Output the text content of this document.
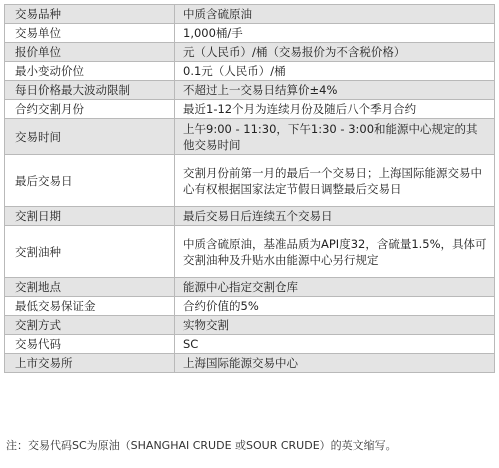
交易品种	中质含硫原油
交易单位	1,000桶/手
报价单位	元（人民币）/桶（交易报价为不含税价格）
最小变动价位	0.1元（人民币）/桶
每日价格最大波动限制	不超过上一交易日结算价±4%
合约交割月份	最近1-12个月为连续月份及随后八个季月合约
交易时间	上午9:00 - 11:30，下午1:30 - 3:00和能源中心规定的其他交易时间
最后交易日	交割月份前第一月的最后一个交易日；上海国际能源交易中心有权根据国家法定节假日调整最后交易日
交割日期	最后交易日后连续五个交易日
交割油种	中质含硫原油，基准品质为API度32，含硫量1.5%，具体可交割油种及升贴水由能源中心另行规定
交割地点	能源中心指定交割仓库
最低交易保证金	合约价值的5%
交割方式	实物交割
交易代码	SC
上市交易所	上海国际能源交易中心
注：交易代码SC为原油（SHANGHAI CRUDE 或SOUR CRUDE）的英文缩写。
